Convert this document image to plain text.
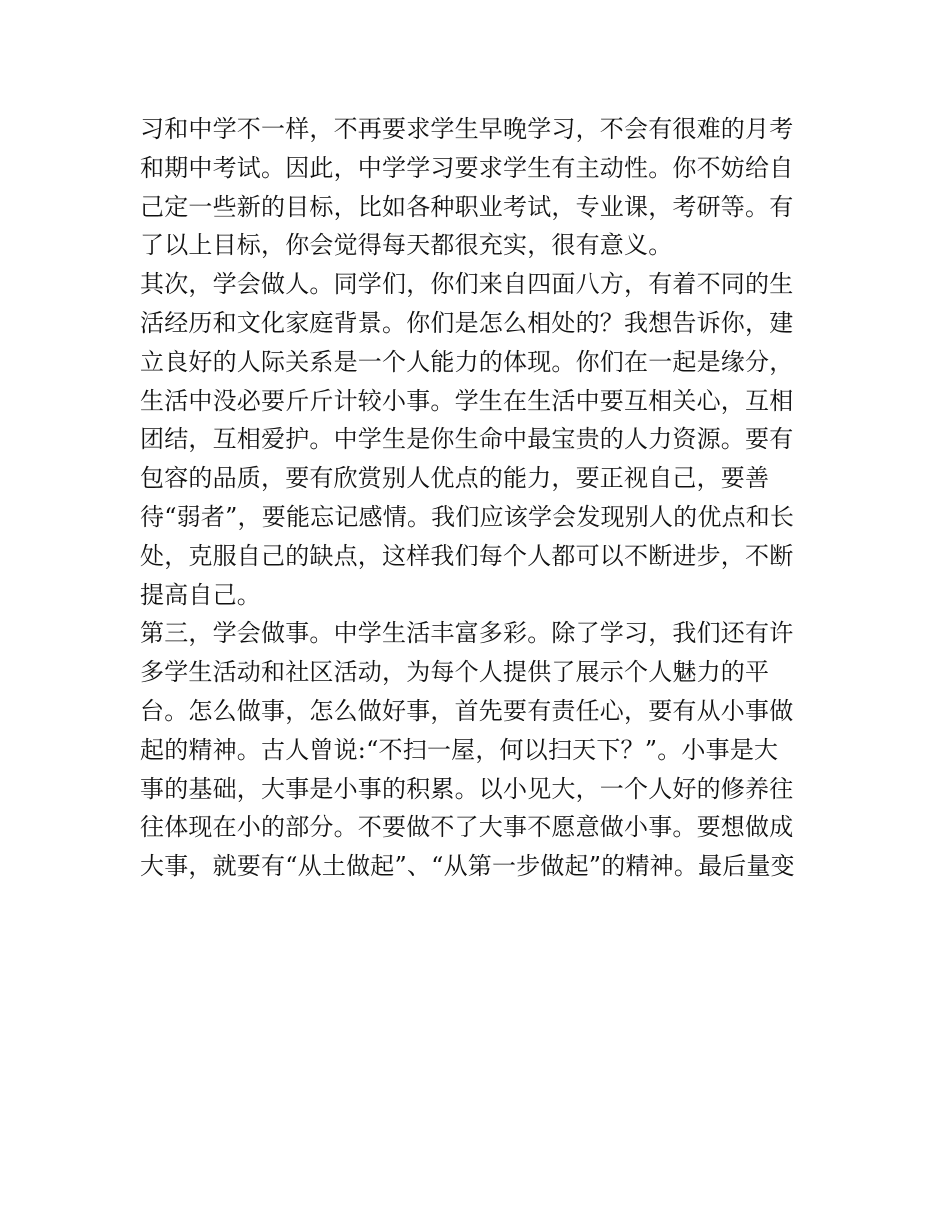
习和中学不一样，不再要求学生早晚学习，不会有很难的月考
和期中考试。因此，中学学习要求学生有主动性。你不妨给自
己定一些新的目标，比如各种职业考试，专业课，考研等。有
了以上目标，你会觉得每天都很充实，很有意义。
其次，学会做人。同学们，你们来自四面八方，有着不同的生
活经历和文化家庭背景。你们是怎么相处的？我想告诉你，建
立良好的人际关系是一个人能力的体现。你们在一起是缘分，
生活中没必要斤斤计较小事。学生在生活中要互相关心，互相
团结，互相爱护。中学生是你生命中最宝贵的人力资源。要有
包容的品质，要有欣赏别人优点的能力，要正视自己，要善
待“弱者”，要能忘记感情。我们应该学会发现别人的优点和长
处，克服自己的缺点，这样我们每个人都可以不断进步，不断
提高自己。
第三，学会做事。中学生活丰富多彩。除了学习，我们还有许
多学生活动和社区活动，为每个人提供了展示个人魅力的平
台。怎么做事，怎么做好事，首先要有责任心，要有从小事做
起的精神。古人曾说:“不扫一屋，何以扫天下？”。小事是大
事的基础，大事是小事的积累。以小见大，一个人好的修养往
往体现在小的部分。不要做不了大事不愿意做小事。要想做成
大事，就要有“从土做起”、“从第一步做起”的精神。最后量变
